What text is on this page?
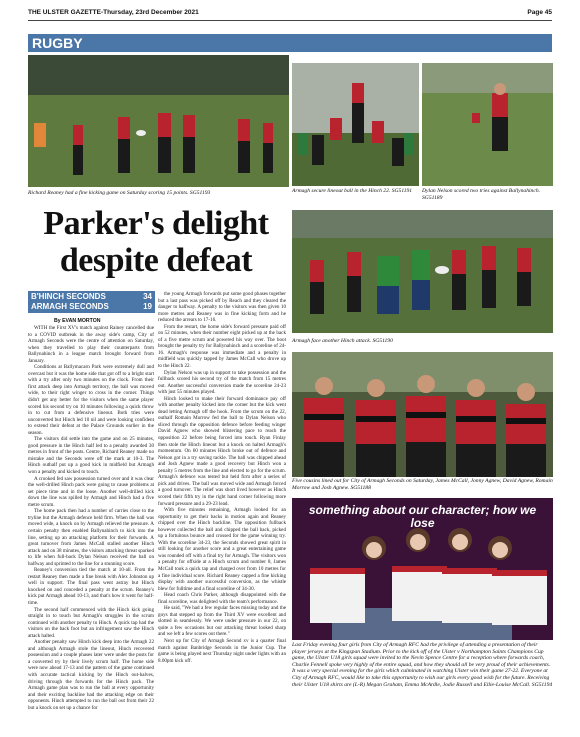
THE ULSTER GAZETTE-Thursday, 23rd December 2021	Page 45
RUGBY
Richard Reaney had a fine kicking game on Saturday scoring 15 points. SG51193	Armagh secure lineout ball in the Hinch 22. SG51191	Dylan Nelson scored two tries against Ballynahinch. SG51189
Parker's delight
despite defeat
B'HINCH SECONDS	34
ARMAGH SECONDS	19
By EVAN MORTON

WITH the First XV's match against Rainey cancelled due to a COVID outbreak in the away side's camp, City of Armagh Seconds were the centre of attention on Saturday, when they travelled to play their counterparts from Ballynahinch in a league match brought forward from January.

Conditions at Ballymacarn Park were extremely dull and overcast but it was the home side that got off to a bright start with a try after only two minutes on the clock. From their first attack deep into Armagh territory, the ball was moved wide, to their right winger to cross in the corner. Things didn't get any better for the visitors when the same player scored his second try on 10 minutes following a quick throw in to cut from a defensive lineout. Both tries were unconverted but Hinch led 10 nil and were looking confident to extend their defeat at the Palace Grounds earlier in the season.

The visitors did settle into the game and on 25 minutes, good pressure in the Hinch half led to a penalty awarded 30 metres in front of the posts. Centre, Richard Reaney made no mistake and the Seconds were off the mark at 10-3. The Hinch outhalf put up a good kick in midfield but Armagh won a penalty and kicked to touch.

A crooked fed saw possession turned over and it was clear the well-drilled Hinch pack were going to cause problems at set piece time and in the loose. Another well-drilled kick down the line was spilled by Armagh and Hinch had a five metre scrum.

The home pack then had a number of carries close to the tryline but the Armagh defence held firm. When the ball was moved wide, a knock on by Armagh relieved the pressure. A certain penalty then enabled Ballynahinch to kick into the line, setting up an attacking platform for their forwards. A great turnover from James McCall stalled another Hinch attack and on 38 minutes, the visitors attacking threat sparked to life when full-back Dylan Nelson received the ball on halfway and sprinted to the line for a stunning score.

Reaney's conversion tied the match at 10-all. From the restart Reaney then made a fine break with Alex Johnston up well in support. The final pass went astray but Hinch knocked on and conceded a penalty at the scrum. Reaney's kick put Armagh ahead 10-13, and that's how it went for half-time.

The second half commenced with the Hinch kick going straight in to touch but Armagh's struggles in the scrum continued with another penalty to Hinch. A quick tap had the visitors on the back foot but an infringement saw the Hinch attack halted.

Another penalty saw Hinch kick deep into the Armagh 22 and although Armagh stole the lineout, Hinch recovered possession and a couple phases later were under the posts for a converted try by their lively scrum half. The home side were now ahead 17-13 and the pattern of the game continued with accurate tactical kicking by the Hinch out-halves, driving through the forwards for the Hinch pack. The Armagh game plan was to run the ball at every opportunity and their exciting backline had the attacking edge on their opponents. Hinch attempted to run the ball out from their 22 but a knock on set up a chance for

the young Armagh forwards put some good phases together but a last pass was picked off by Reach and they cleared the danger to halfway. A penalty to the visitors was then given 10 more metres and Reaney was in fine kicking form and he reduced the arrears to 17-16.

From the restart, the home side's forward pressure paid off on 52 minutes, when their number eight picked up at the back of a five metre scrum and powered his way over. The boot brought the penalty try for Ballynahinch and a scoreline of 24-16. Armagh's response was immediate and a penalty in midfield was quickly tapped by James McCall who drove up to the Hinch 22.

Dylan Nelson was up in support to take possession and the fullback scored his second try of the match from 15 metres out. Another successful conversion made the scoreline 24-23 with just 55 minutes played.

Hinch looked to make their forward dominance pay off with another penalty kicked into the corner but the kick went dead letting Armagh off the hook. From the scrum on the 22, outhalf Romain Morrow fed the ball to Dylan Nelson who sliced through the opposition defence before feeding winger David Agnew who showed blistering pace to reach the opposition 22 before being forced into touch. Ryan Finlay then stole the Hinch lineout but a knock on halted Armagh's momentum. On 60 minutes Hinch broke out of defence and Nelson got in a try saving tackle. The ball was chipped ahead and Josh Agnew made a good recovery but Hinch won a penalty 5 metres from the line and elected to go for the scrum. Armagh's defence was tested but held firm after a series of pick and drives. The ball was moved wide and Armagh forced a good turnover. The relief was short lived however as Hinch scored their fifth try in the right hand corner following more forward pressure and a 29-23 lead.

With five minutes remaining, Armagh looked for an opportunity to get their backs in motion again and Reaney chipped over the Hinch backline. The opposition fullback however collected the ball and chipped the ball back, picked up a fortuitous bounce and crossed for the game winning try. With the scoreline 34-23, the Seconds showed great spirit in still looking for another score and a great entertaining game was rounded off with a final try for Armagh. The visitors won a penalty for offside at a Hinch scrum and number 8, James McCall took a quick tap and charged over from 10 metres for a fine individual score. Richard Reaney capped a fine kicking display with another successful conversion, as the whistle blew for fulltime and a final scoreline of 34-30.

Head coach Chris Parker, although disappointed with the final scoreline, was delighted with the team's performance.

He said, "We had a few regular faces missing today and the guys that stepped up from the Third XV were excellent and slotted in seamlessly. We were under pressure in our 22, on quite a few occasions but our attacking threat looked sharp and we left a few scores out there."

Next up for City of Armagh Second xv is a quarter final match against Banbridge Seconds in the Junior Cup. The game is being played next Thursday night under lights with an 8.00pm kick off.

Armagh face another Hinch attack. SG51190
Five cousins lined out for City of Armagh Seconds on Saturday, James McCall, Jonny Agnew, David Agnew, Romain Morrow and Josh Agnew. SG51188
something about our character; how we lose
Last Friday evening four girls from City of Armagh RFC had the privilege of attending a presentation of their player jerseys at the Kingspan Stadium. Prior to the kick off of the Ulster v Northampton Saints Champions Cup game, the Ulster U18 girls squad were invited to the Nevin Spence Centre for a reception where forwards coach, Charlie Fennell spoke very highly of the entire squad, and how they should all be very proud of their achievements. It was a very special evening for the girls which culminated in watching Ulster win their game 27-22. Everyone at City of Armagh RFC, would like to take this opportunity to wish our girls every good wish for the future. Receiving their Ulster U18 shirts are (L-R) Megan Graham, Emma McArdle, Jodie Russell and Ellie-Louise McCall. SG51194
